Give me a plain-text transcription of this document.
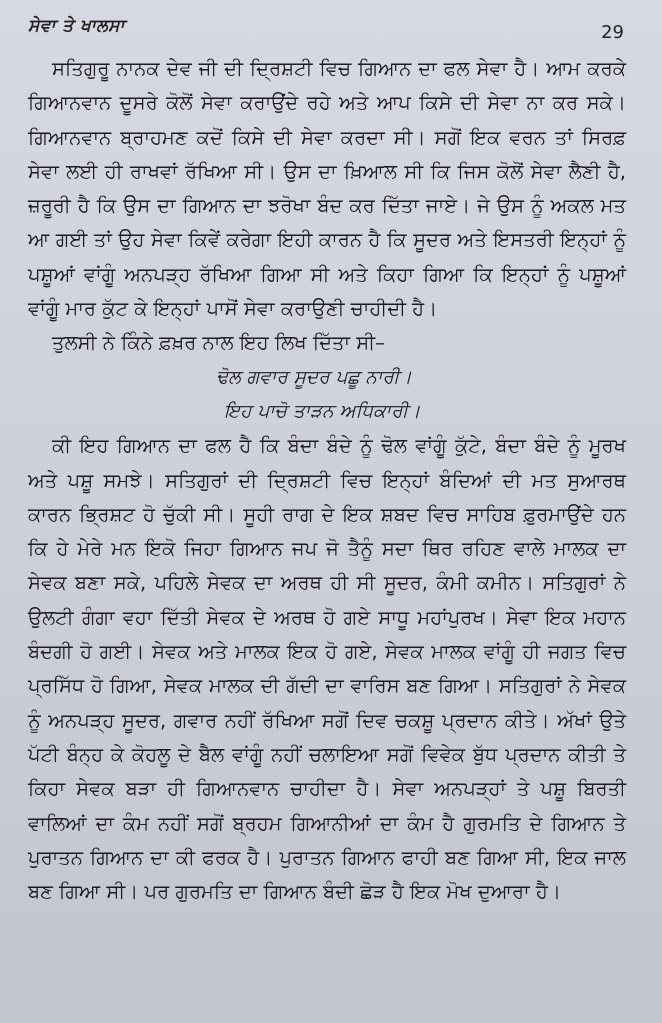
ਸੇਵਾ ਤੇ ਖਾਲਸਾ	29

ਸਤਿਗੁਰੂ ਨਾਨਕ ਦੇਵ ਜੀ ਦੀ ਦ੍ਰਿਸ਼ਟੀ ਵਿਚ ਗਿਆਨ ਦਾ ਫਲ ਸੇਵਾ ਹੈ। ਆਮ ਕਰਕੇ ਗਿਆਨਵਾਨ ਦੂਸਰੇ ਕੋਲੋਂ ਸੇਵਾ ਕਰਾਉਂਦੇ ਰਹੇ ਅਤੇ ਆਪ ਕਿਸੇ ਦੀ ਸੇਵਾ ਨਾ ਕਰ ਸਕੇ। ਗਿਆਨਵਾਨ ਬ੍ਰਾਹਮਣ ਕਦੋਂ ਕਿਸੇ ਦੀ ਸੇਵਾ ਕਰਦਾ ਸੀ। ਸਗੋਂ ਇਕ ਵਰਨ ਤਾਂ ਸਿਰਫ਼ ਸੇਵਾ ਲਈ ਹੀ ਰਾਖਵਾਂ ਰੱਖਿਆ ਸੀ। ਉਸ ਦਾ ਖ਼ਿਆਲ ਸੀ ਕਿ ਜਿਸ ਕੋਲੋਂ ਸੇਵਾ ਲੈਣੀ ਹੈ, ਜ਼ਰੂਰੀ ਹੈ ਕਿ ਉਸ ਦਾ ਗਿਆਨ ਦਾ ਝਰੋਖਾ ਬੰਦ ਕਰ ਦਿੱਤਾ ਜਾਏ। ਜੇ ਉਸ ਨੂੰ ਅਕਲ ਮਤ ਆ ਗਈ ਤਾਂ ਉਹ ਸੇਵਾ ਕਿਵੇਂ ਕਰੇਗਾ ਇਹੀ ਕਾਰਨ ਹੈ ਕਿ ਸੂਦਰ ਅਤੇ ਇਸਤਰੀ ਇਨ੍ਹਾਂ ਨੂੰ ਪਸ਼ੂਆਂ ਵਾਂਗੂੰ ਅਨਪੜ੍ਹ ਰੱਖਿਆ ਗਿਆ ਸੀ ਅਤੇ ਕਿਹਾ ਗਿਆ ਕਿ ਇਨ੍ਹਾਂ ਨੂੰ ਪਸ਼ੂਆਂ ਵਾਂਗੂੰ ਮਾਰ ਕੁੱਟ ਕੇ ਇਨ੍ਹਾਂ ਪਾਸੋਂ ਸੇਵਾ ਕਰਾਉਣੀ ਚਾਹੀਦੀ ਹੈ।

ਤੁਲਸੀ ਨੇ ਕਿੰਨੇ ਫ਼ਖ਼ਰ ਨਾਲ ਇਹ ਲਿਖ ਦਿੱਤਾ ਸੀ–

ਢੋਲ ਗਵਾਰ ਸੂਦਰ ਪਛੂ ਨਾਰੀ।

ਇਹ ਪਾਚੋ ਤਾੜਨ ਅਧਿਕਾਰੀ।

ਕੀ ਇਹ ਗਿਆਨ ਦਾ ਫਲ ਹੈ ਕਿ ਬੰਦਾ ਬੰਦੇ ਨੂੰ ਢੋਲ ਵਾਂਗੂੰ ਕੁੱਟੇ, ਬੰਦਾ ਬੰਦੇ ਨੂੰ ਮੂਰਖ ਅਤੇ ਪਸ਼ੂ ਸਮਝੇ। ਸਤਿਗੁਰਾਂ ਦੀ ਦ੍ਰਿਸ਼ਟੀ ਵਿਚ ਇਨ੍ਹਾਂ ਬੰਦਿਆਂ ਦੀ ਮਤ ਸੁਆਰਥ ਕਾਰਨ ਭ੍ਰਿਸ਼ਟ ਹੋ ਚੁੱਕੀ ਸੀ। ਸੂਹੀ ਰਾਗ ਦੇ ਇਕ ਸ਼ਬਦ ਵਿਚ ਸਾਹਿਬ ਫ਼ੁਰਮਾਉਂਦੇ ਹਨ ਕਿ ਹੇ ਮੇਰੇ ਮਨ ਇਕੋ ਜਿਹਾ ਗਿਆਨ ਜਪ ਜੋ ਤੈਨੂੰ ਸਦਾ ਥਿਰ ਰਹਿਣ ਵਾਲੇ ਮਾਲਕ ਦਾ ਸੇਵਕ ਬਣਾ ਸਕੇ, ਪਹਿਲੇ ਸੇਵਕ ਦਾ ਅਰਥ ਹੀ ਸੀ ਸੂਦਰ, ਕੰਮੀ ਕਮੀਨ। ਸਤਿਗੁਰਾਂ ਨੇ ਉਲਟੀ ਗੰਗਾ ਵਹਾ ਦਿੱਤੀ ਸੇਵਕ ਦੇ ਅਰਥ ਹੋ ਗਏ ਸਾਧੂ ਮਹਾਂਪੁਰਖ। ਸੇਵਾ ਇਕ ਮਹਾਨ ਬੰਦਗੀ ਹੋ ਗਈ। ਸੇਵਕ ਅਤੇ ਮਾਲਕ ਇਕ ਹੋ ਗਏ, ਸੇਵਕ ਮਾਲਕ ਵਾਂਗੂੰ ਹੀ ਜਗਤ ਵਿਚ ਪ੍ਰਸਿੱਧ ਹੋ ਗਿਆ, ਸੇਵਕ ਮਾਲਕ ਦੀ ਗੱਦੀ ਦਾ ਵਾਰਿਸ ਬਣ ਗਿਆ। ਸਤਿਗੁਰਾਂ ਨੇ ਸੇਵਕ ਨੂੰ ਅਨਪੜ੍ਹ ਸੂਦਰ, ਗਵਾਰ ਨਹੀਂ ਰੱਖਿਆ ਸਗੋਂ ਦਿਵ ਚਕਸ਼ੂ ਪ੍ਰਦਾਨ ਕੀਤੇ। ਅੱਖਾਂ ਉਤੇ ਪੱਟੀ ਬੰਨ੍ਹ ਕੇ ਕੋਹਲੂ ਦੇ ਬੈਲ ਵਾਂਗੂੰ ਨਹੀਂ ਚਲਾਇਆ ਸਗੋਂ ਵਿਵੇਕ ਬੁੱਧ ਪ੍ਰਦਾਨ ਕੀਤੀ ਤੇ ਕਿਹਾ ਸੇਵਕ ਬੜਾ ਹੀ ਗਿਆਨਵਾਨ ਚਾਹੀਦਾ ਹੈ। ਸੇਵਾ ਅਨਪੜ੍ਹਾਂ ਤੇ ਪਸ਼ੂ ਬਿਰਤੀ ਵਾਲਿਆਂ ਦਾ ਕੰਮ ਨਹੀਂ ਸਗੋਂ ਬ੍ਰਹਮ ਗਿਆਨੀਆਂ ਦਾ ਕੰਮ ਹੈ ਗੁਰਮਤਿ ਦੇ ਗਿਆਨ ਤੇ ਪੁਰਾਤਨ ਗਿਆਨ ਦਾ ਕੀ ਫਰਕ ਹੈ। ਪੁਰਾਤਨ ਗਿਆਨ ਫਾਹੀ ਬਣ ਗਿਆ ਸੀ, ਇਕ ਜਾਲ ਬਣ ਗਿਆ ਸੀ। ਪਰ ਗੁਰਮਤਿ ਦਾ ਗਿਆਨ ਬੰਦੀ ਛੋੜ ਹੈ ਇਕ ਮੋਖ ਦੁਆਰਾ ਹੈ।
